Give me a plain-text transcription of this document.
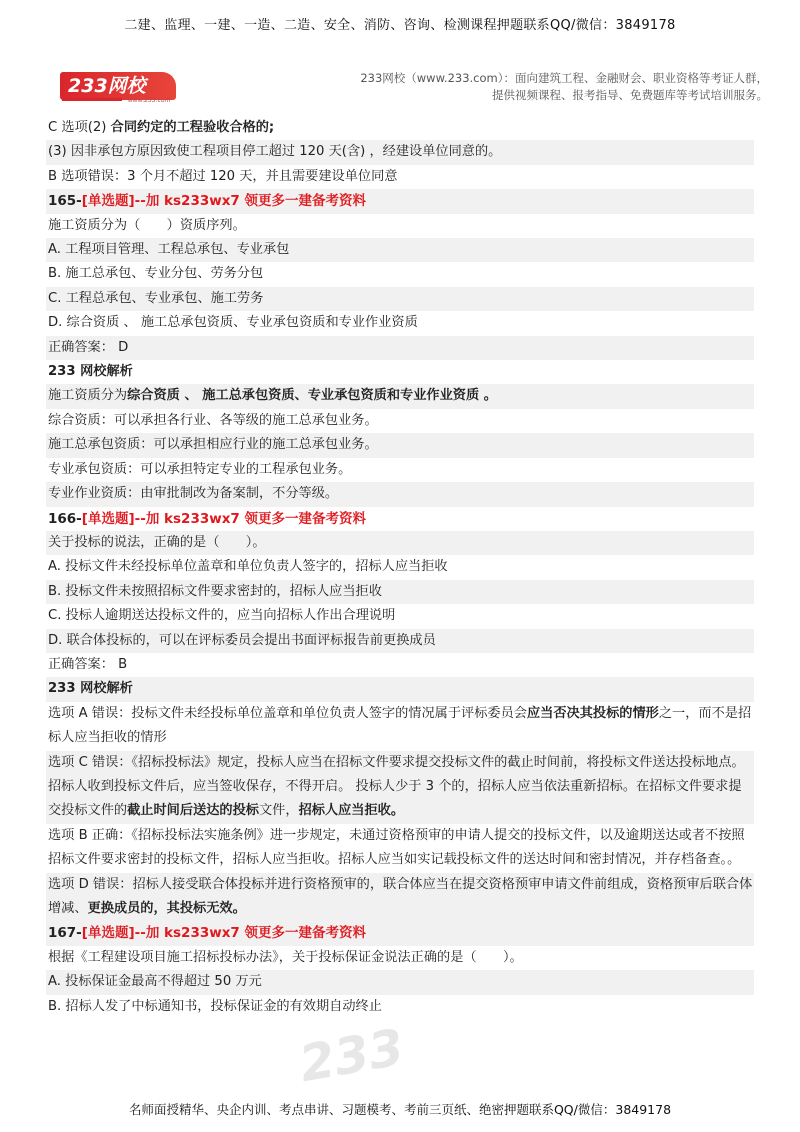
二建、监理、一建、一造、二造、安全、消防、咨询、检测课程押题联系QQ/微信：3849178
233网校
www.233.com
233网校（www.233.com）：面向建筑工程、金融财会、职业资格等考证人群，
提供视频课程、报考指导、免费题库等考试培训服务。
C 选项(2) 合同约定的工程验收合格的;
(3) 因非承包方原因致使工程项目停工超过 120 天(含) ，经建设单位同意的。
B 选项错误：3 个月不超过 120 天，并且需要建设单位同意
165-[单选题]--加 ks233wx7 领更多一建备考资料
施工资质分为（　　）资质序列。
A. 工程项目管理、工程总承包、专业承包
B. 施工总承包、专业分包、劳务分包
C. 工程总承包、专业承包、施工劳务
D. 综合资质 、 施工总承包资质、专业承包资质和专业作业资质
正确答案： D
233 网校解析
施工资质分为综合资质 、 施工总承包资质、专业承包资质和专业作业资质 。
综合资质：可以承担各行业、各等级的施工总承包业务。
施工总承包资质：可以承担相应行业的施工总承包业务。
专业承包资质：可以承担特定专业的工程承包业务。
专业作业资质：由审批制改为备案制，不分等级。
166-[单选题]--加 ks233wx7 领更多一建备考资料
关于投标的说法，正确的是（　　）。
A. 投标文件未经投标单位盖章和单位负责人签字的，招标人应当拒收
B. 投标文件未按照招标文件要求密封的，招标人应当拒收
C. 投标人逾期送达投标文件的，应当向招标人作出合理说明
D. 联合体投标的，可以在评标委员会提出书面评标报告前更换成员
正确答案： B
233 网校解析
选项 A 错误：投标文件未经投标单位盖章和单位负责人签字的情况属于评标委员会应当否决其投标的情形之一，而不是招标人应当拒收的情形
选项 C 错误：《招标投标法》规定，投标人应当在招标文件要求提交投标文件的截止时间前，将投标文件送达投标地点。招标人收到投标文件后，应当签收保存，不得开启。 投标人少于 3 个的，招标人应当依法重新招标。在招标文件要求提交投标文件的截止时间后送达的投标文件，招标人应当拒收。
选项 B 正确：《招标投标法实施条例》进一步规定，未通过资格预审的申请人提交的投标文件，以及逾期送达或者不按照招标文件要求密封的投标文件，招标人应当拒收。招标人应当如实记载投标文件的送达时间和密封情况，并存档备查。。
选项 D 错误：招标人接受联合体投标并进行资格预审的，联合体应当在提交资格预审申请文件前组成，资格预审后联合体增减、更换成员的，其投标无效。
167-[单选题]--加 ks233wx7 领更多一建备考资料
根据《工程建设项目施工招标投标办法》，关于投标保证金说法正确的是（　　）。
A. 投标保证金最高不得超过 50 万元
B. 招标人发了中标通知书，投标保证金的有效期自动终止
233
名师面授精华、央企内训、考点串讲、习题模考、考前三页纸、绝密押题联系QQ/微信：3849178
